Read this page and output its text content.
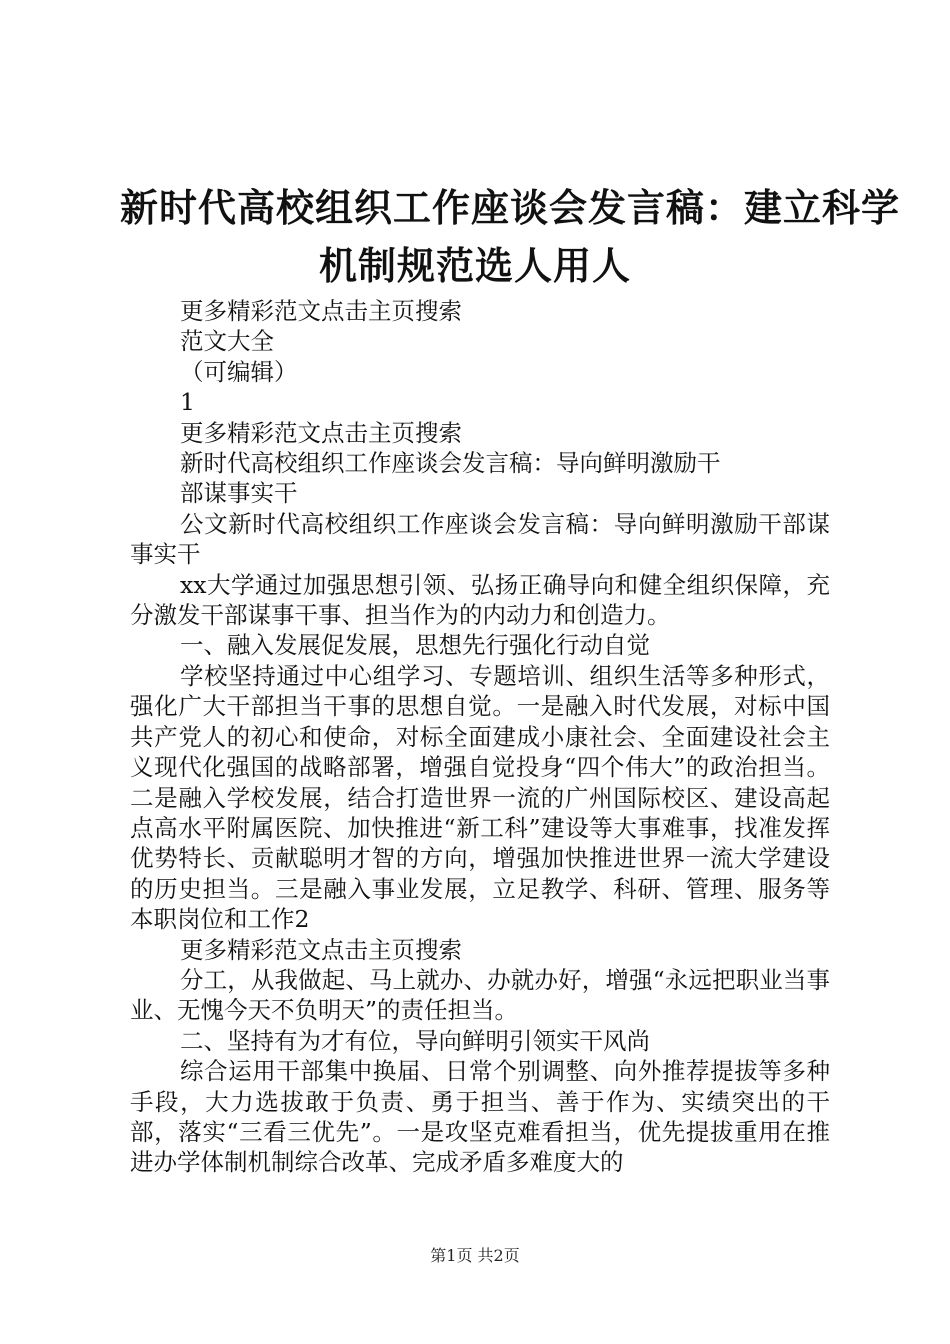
新时代高校组织工作座谈会发言稿：建立科学
机制规范选人用人

更多精彩范文点击主页搜索

范文大全

（可编辑）

1

更多精彩范文点击主页搜索

新时代高校组织工作座谈会发言稿：导向鲜明激励干

部谋事实干

公文新时代高校组织工作座谈会发言稿：导向鲜明激励干部谋事实干

xx大学通过加强思想引领、弘扬正确导向和健全组织保障，充分激发干部谋事干事、担当作为的内动力和创造力。

一、融入发展促发展，思想先行强化行动自觉

学校坚持通过中心组学习、专题培训、组织生活等多种形式，强化广大干部担当干事的思想自觉。一是融入时代发展，对标中国共产党人的初心和使命，对标全面建成小康社会、全面建设社会主义现代化强国的战略部署，增强自觉投身“四个伟大”的政治担当。二是融入学校发展，结合打造世界一流的广州国际校区、建设高起点高水平附属医院、加快推进“新工科”建设等大事难事，找准发挥优势特长、贡献聪明才智的方向，增强加快推进世界一流大学建设的历史担当。三是融入事业发展，立足教学、科研、管理、服务等本职岗位和工作2

更多精彩范文点击主页搜索

分工，从我做起、马上就办、办就办好，增强“永远把职业当事业、无愧今天不负明天”的责任担当。

二、坚持有为才有位，导向鲜明引领实干风尚

综合运用干部集中换届、日常个别调整、向外推荐提拔等多种手段，大力选拔敢于负责、勇于担当、善于作为、实绩突出的干部，落实“三看三优先”。一是攻坚克难看担当，优先提拔重用在推进办学体制机制综合改革、完成矛盾多难度大的

第1页 共2页
